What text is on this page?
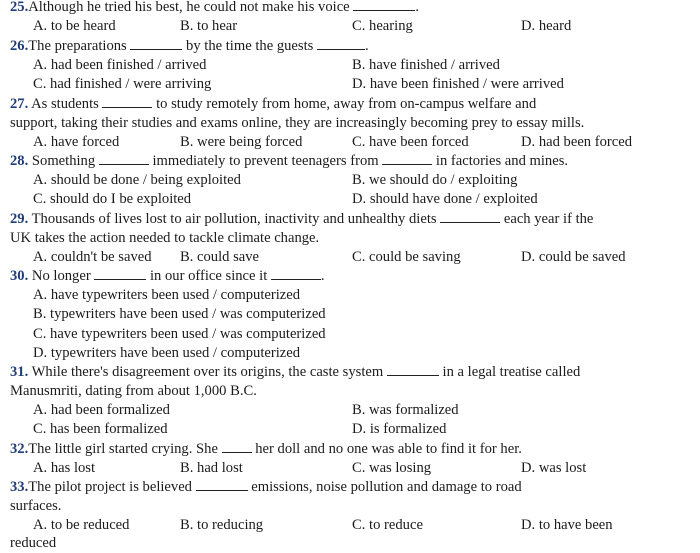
25.Although he tried his best, he could not make his voice	.
A. to be heard	B. to hear	C. hearing	D. heard
26.The preparations	by the time the guests	.
A. had been finished / arrived	B. have finished / arrived
C. had finished / were arriving	D. have been finished / were arrived
27. As students	to study remotely from home, away from on-campus welfare and
support, taking their studies and exams online, they are increasingly becoming prey to essay mills.
A. have forced	B. were being forced	C. have been forced	D. had been forced
28. Something	immediately to prevent teenagers from	in factories and mines.
A. should be done / being exploited	B. we should do / exploiting
C. should do I be exploited	D. should have done / exploited
29. Thousands of lives lost to air pollution, inactivity and unhealthy diets	each year if the
UK takes the action needed to tackle climate change.
A. couldn't be saved B. could save	C. could be saving	D. could be saved
30. No longer	in our office since it	.
A. have typewriters been used / computerized
B. typewriters have been used / was computerized
C. have typewriters been used / was computerized
D. typewriters have been used / computerized
31. While there's disagreement over its origins, the caste system	in a legal treatise called
Manusmriti, dating from about 1,000 B.C.
A. had been formalized	B. was formalized
C. has been formalized	D. is formalized
32.The little girl started crying. She	her doll and no one was able to find it for her.
A. has lost	B. had lost	C. was losing	D. was lost
33.The pilot project is believed	emissions, noise pollution and damage to road
surfaces.
A. to be reduced	B. to reducing	C. to reduce	D. to have been
reduced
